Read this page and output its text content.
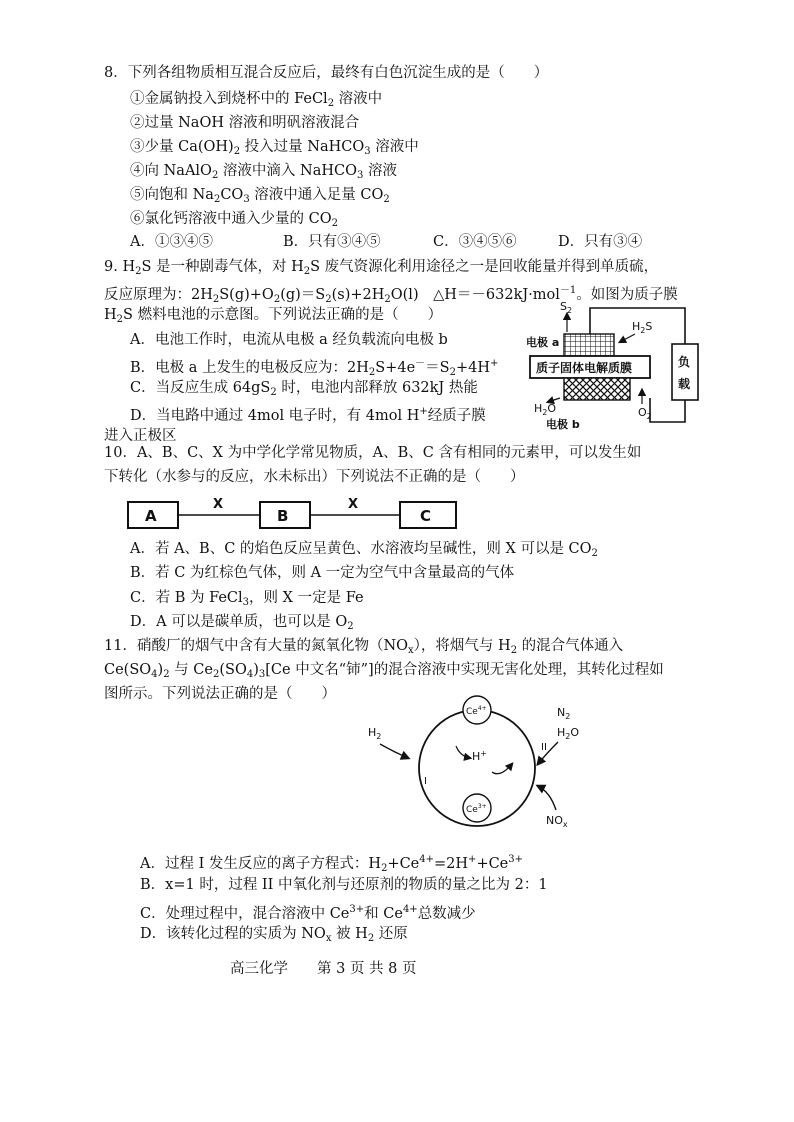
8．下列各组物质相互混合反应后，最终有白色沉淀生成的是（　　）
①金属钠投入到烧杯中的 FeCl$_2$ 溶液中
②过量 NaOH 溶液和明矾溶液混合
③少量 $Ca(OH)_2$ 投入过量 NaHCO$_3$ 溶液中
④向 NaAlO$_2$ 溶液中滴入 NaHCO$_3$ 溶液
⑤向饱和 $Na_2CO_3$ 溶液中通入足量 $CO_2$
⑥氯化钙溶液中通入少量的 $CO_2$
A．①③④⑤	B．只有③④⑤	C．③④⑤⑥	D．只有③④
9. $H_2S$ 是一种剧毒气体，对 $H_2S$ 废气资源化利用途径之一是回收能量并得到单质硫，
反应原理为：$2H_2S(g)+O_2(g)=S_2(s)+2H_2O(l)$　△H＝－632kJ·mol$^{-1}$。如图为质子膜
$H_2S$ 燃料电池的示意图。下列说法正确的是（　　）
A．电池工作时，电流从电极 a 经负载流向电极 b
B．电极 a 上发生的电极反应为：$2H_2S+4e^-=S_2+4H^+$
C．当反应生成 $64gS_2$ 时，电池内部释放 632kJ 热能
D．当电路中通过 4mol 电子时，有 4mol H+经质子膜
进入正极区
负
载
质子固体电解质膜
$S_2$
电极 a
$H_2S$
$H_2O$	$O_2$
电极 b
10．A、B、C、X 为中学化学常见物质，A、B、C 含有相同的元素甲，可以发生如
下转化（水参与的反应，水未标出）下列说法不正确的是（　　）
A
X
B
X
C
A．若 A、B、C 的焰色反应呈黄色、水溶液均呈碱性，则 X 可以是 $CO_2$
B．若 C 为红棕色气体，则 A 一定为空气中含量最高的气体
C．若 B 为 FeCl$_3$，则 X 一定是 Fe
D．A 可以是碳单质，也可以是 $O_2$
11．硝酸厂的烟气中含有大量的氮氧化物$(NO_x)$，将烟气与 $H_2$ 的混合气体通入
$Ce(SO_4)_2$ 与 $Ce_2(SO_4)_3[Ce$ 中文名“铈”]的混合溶液中实现无害化处理，其转化过程如
图所示。下列说法正确的是（　　）
$Ce^{4+}$
$Ce^{3+}$
$H_2$
H+
I
II
$N_2$
$H_2O$
$NO_x$
A．过程 I 发生反应的离子方程式：$H_2+Ce^{4+}=2H^++Ce^{3+}$
B．x=1 时，过程 II 中氧化剂与还原剂的物质的量之比为 2：1
C．处理过程中，混合溶液中 $Ce^{3+}$和 $Ce^{4+}$总数减少
D．该转化过程的实质为 $NO_x$ 被 $H_2$ 还原
高三化学　　第 3 页 共 8 页
